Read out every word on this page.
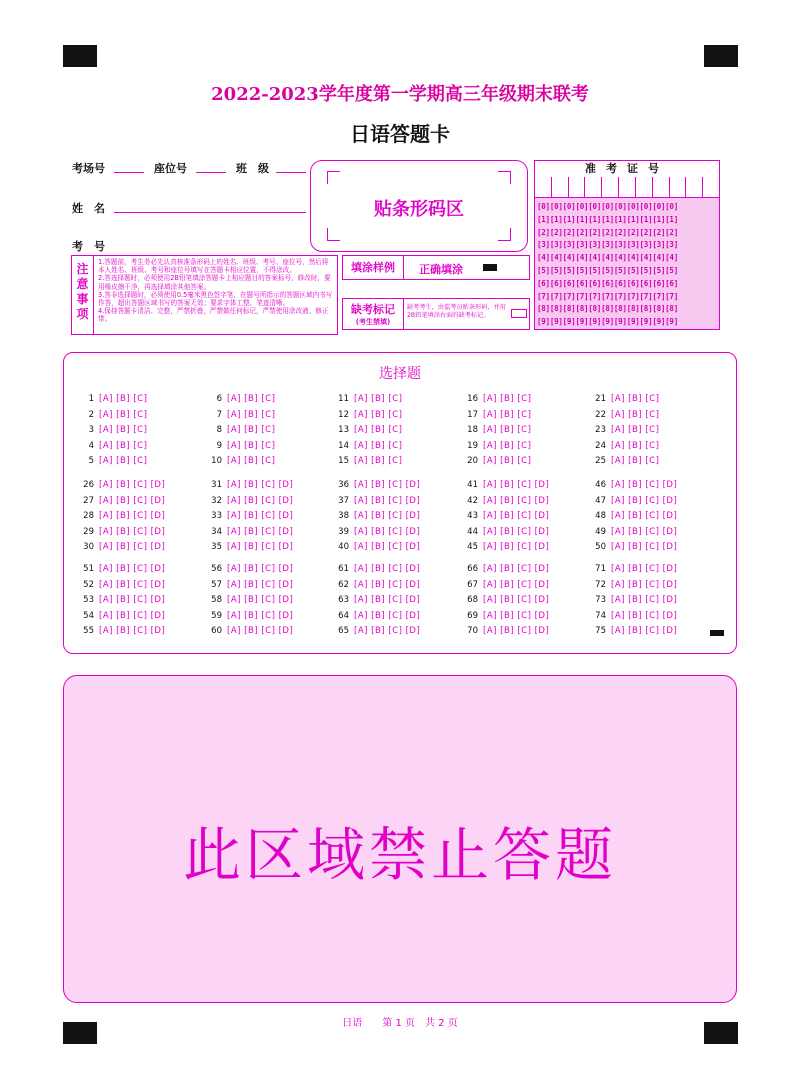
2022-2023学年度第一学期高三年级期末联考
日语答题卡
考场号	座位号	班　级
姓　名
考　号
贴条形码区
注意事项
1.答题前，考生务必先认真核准条形码上的姓名、班级、考号、座位号，然后将本人姓名、班级、考号和座位号填写在答题卡相应位置，不得涂改。
2.答选择题时，必须使用2B铅笔填涂答题卡上相应题目的答案标号，修改时，要用橡皮擦干净，再选择填涂其他答案。
3.答非选择题时，必须使用0.5毫米黑色签字笔，在题号所指示的答题区域内书写作答，超出答题区域书写的答案无效；要求字体工整、笔迹清晰。
4.保持答题卡清洁、完整，严禁折叠，严禁做任何标记，严禁使用涂改液、修正带。
填涂样例	正确填涂
缺考标记
(考生禁填)
缺考考生，由监考员贴条形码，并用2B铅笔填涂右面的缺考标记。
准考证号
[0][0][0][0][0][0][0][0][0][0][0]
[1][1][1][1][1][1][1][1][1][1][1]
[2][2][2][2][2][2][2][2][2][2][2]
[3][3][3][3][3][3][3][3][3][3][3]
[4][4][4][4][4][4][4][4][4][4][4]
[5][5][5][5][5][5][5][5][5][5][5]
[6][6][6][6][6][6][6][6][6][6][6]
[7][7][7][7][7][7][7][7][7][7][7]
[8][8][8][8][8][8][8][8][8][8][8]
[9][9][9][9][9][9][9][9][9][9][9]
选择题
1 [A] [B] [C]
2 [A] [B] [C]
3 [A] [B] [C]
4 [A] [B] [C]
5 [A] [B] [C]
6 [A] [B] [C]
7 [A] [B] [C]
8 [A] [B] [C]
9 [A] [B] [C]
10 [A] [B] [C]
11 [A] [B] [C]
12 [A] [B] [C]
13 [A] [B] [C]
14 [A] [B] [C]
15 [A] [B] [C]
16 [A] [B] [C]
17 [A] [B] [C]
18 [A] [B] [C]
19 [A] [B] [C]
20 [A] [B] [C]
21 [A] [B] [C]
22 [A] [B] [C]
23 [A] [B] [C]
24 [A] [B] [C]
25 [A] [B] [C]
26 [A] [B] [C] [D]
27 [A] [B] [C] [D]
28 [A] [B] [C] [D]
29 [A] [B] [C] [D]
30 [A] [B] [C] [D]
31 [A] [B] [C] [D]
32 [A] [B] [C] [D]
33 [A] [B] [C] [D]
34 [A] [B] [C] [D]
35 [A] [B] [C] [D]
36 [A] [B] [C] [D]
37 [A] [B] [C] [D]
38 [A] [B] [C] [D]
39 [A] [B] [C] [D]
40 [A] [B] [C] [D]
41 [A] [B] [C] [D]
42 [A] [B] [C] [D]
43 [A] [B] [C] [D]
44 [A] [B] [C] [D]
45 [A] [B] [C] [D]
46 [A] [B] [C] [D]
47 [A] [B] [C] [D]
48 [A] [B] [C] [D]
49 [A] [B] [C] [D]
50 [A] [B] [C] [D]
51 [A] [B] [C] [D]
52 [A] [B] [C] [D]
53 [A] [B] [C] [D]
54 [A] [B] [C] [D]
55 [A] [B] [C] [D]
56 [A] [B] [C] [D]
57 [A] [B] [C] [D]
58 [A] [B] [C] [D]
59 [A] [B] [C] [D]
60 [A] [B] [C] [D]
61 [A] [B] [C] [D]
62 [A] [B] [C] [D]
63 [A] [B] [C] [D]
64 [A] [B] [C] [D]
65 [A] [B] [C] [D]
66 [A] [B] [C] [D]
67 [A] [B] [C] [D]
68 [A] [B] [C] [D]
69 [A] [B] [C] [D]
70 [A] [B] [C] [D]
71 [A] [B] [C] [D]
72 [A] [B] [C] [D]
73 [A] [B] [C] [D]
74 [A] [B] [C] [D]
75 [A] [B] [C] [D]
此区域禁止答题
日语　　第 1 页　共 2 页
